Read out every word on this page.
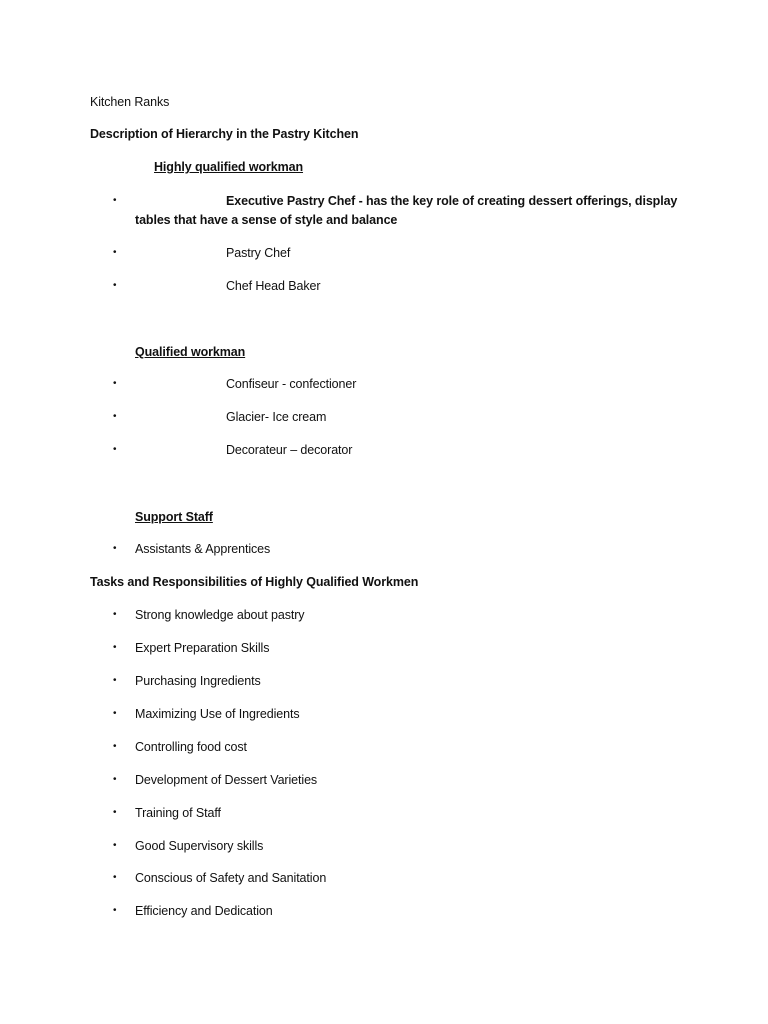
Kitchen Ranks
Description of Hierarchy in the Pastry Kitchen
Highly qualified workman
•	Executive Pastry Chef - has the key role of creating dessert offerings, display
tables that have a sense of style and balance
•	Pastry Chef
•	Chef Head Baker
Qualified workman
•	Confiseur - confectioner
•	Glacier- Ice cream
•	Decorateur – decorator
Support Staff
• Assistants & Apprentices
Tasks and Responsibilities of Highly Qualified Workmen
• Strong knowledge about pastry
• Expert Preparation Skills
• Purchasing Ingredients
• Maximizing Use of Ingredients
• Controlling food cost
• Development of Dessert Varieties
• Training of Staff
• Good Supervisory skills
• Conscious of Safety and Sanitation
• Efficiency and Dedication
